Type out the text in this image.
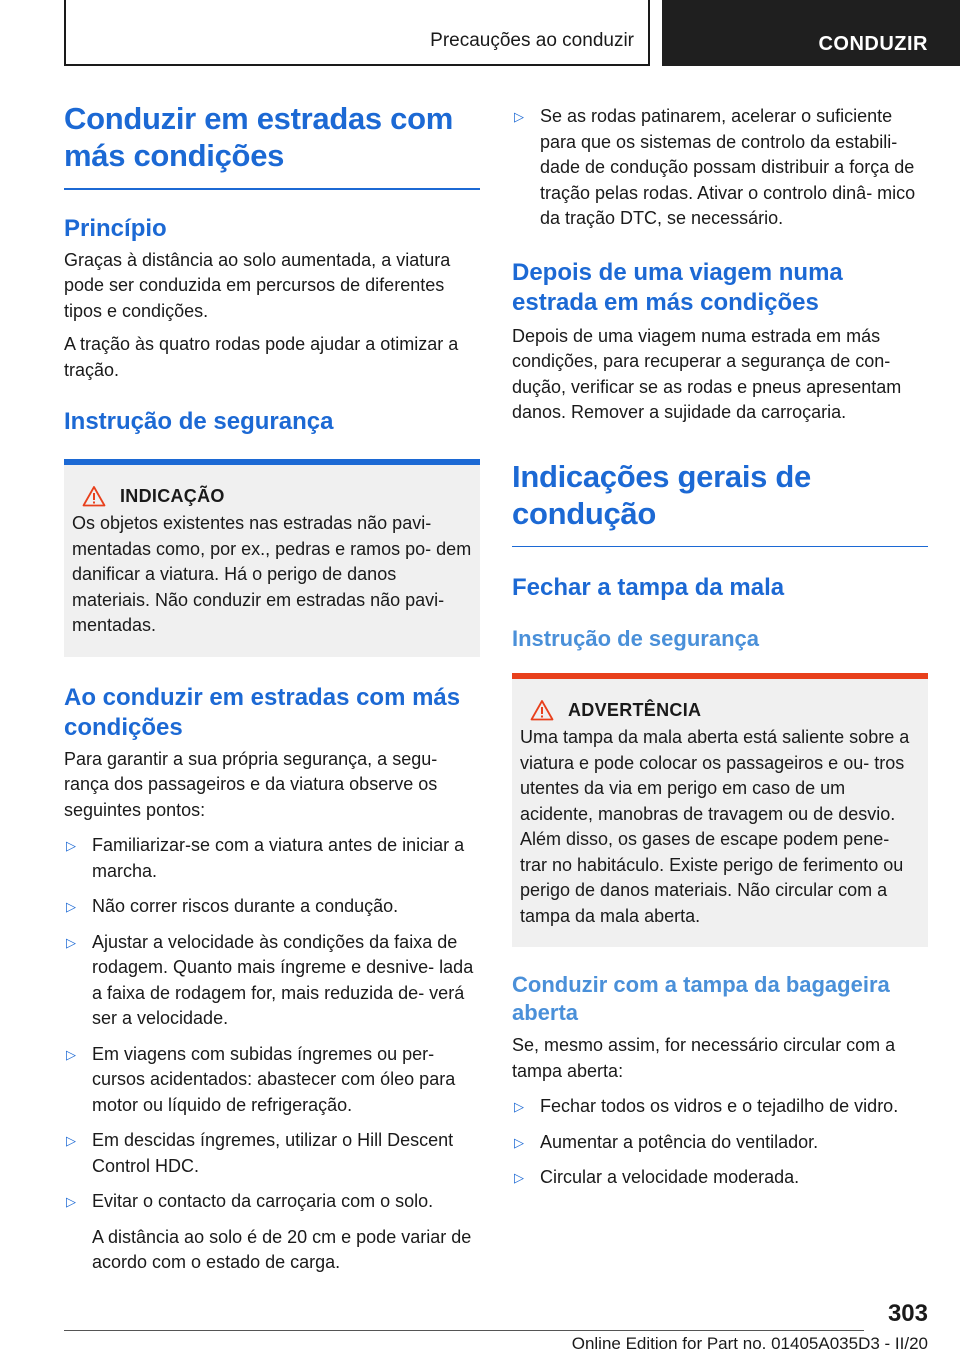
Precauções ao conduzir	CONDUZIR
Conduzir em estradas com más condições
Princípio
Graças à distância ao solo aumentada, a viatura pode ser conduzida em percursos de diferentes tipos e condições.
A tração às quatro rodas pode ajudar a otimizar a tração.
Instrução de segurança
INDICAÇÃO
Os objetos existentes nas estradas não pavi- mentadas como, por ex., pedras e ramos po- dem danificar a viatura. Há o perigo de danos materiais. Não conduzir em estradas não pavi- mentadas.
Ao conduzir em estradas com más condições
Para garantir a sua própria segurança, a segu- rança dos passageiros e da viatura observe os seguintes pontos:
▷ Familiarizar-se com a viatura antes de iniciar a marcha.
▷ Não correr riscos durante a condução.
▷ Ajustar a velocidade às condições da faixa de rodagem. Quanto mais íngreme e desnive- lada a faixa de rodagem for, mais reduzida de- verá ser a velocidade.
▷ Em viagens com subidas íngremes ou per- cursos acidentados: abastecer com óleo para motor ou líquido de refrigeração.
▷ Em descidas íngremes, utilizar o Hill Descent Control HDC.
▷ Evitar o contacto da carroçaria com o solo.
A distância ao solo é de 20 cm e pode variar de acordo com o estado de carga.
▷ Se as rodas patinarem, acelerar o suficiente para que os sistemas de controlo da estabili- dade de condução possam distribuir a força de tração pelas rodas. Ativar o controlo dinâ- mico da tração DTC, se necessário.
Depois de uma viagem numa estrada em más condições
Depois de uma viagem numa estrada em más condições, para recuperar a segurança de con- dução, verificar se as rodas e pneus apresentam danos. Remover a sujidade da carroçaria.
Indicações gerais de condução
Fechar a tampa da mala
Instrução de segurança
ADVERTÊNCIA
Uma tampa da mala aberta está saliente sobre a viatura e pode colocar os passageiros e ou- tros utentes da via em perigo em caso de um acidente, manobras de travagem ou de desvio. Além disso, os gases de escape podem pene- trar no habitáculo. Existe perigo de ferimento ou perigo de danos materiais. Não circular com a tampa da mala aberta.
Conduzir com a tampa da bagageira aberta
Se, mesmo assim, for necessário circular com a tampa aberta:
▷ Fechar todos os vidros e o tejadilho de vidro.
▷ Aumentar a potência do ventilador.
▷ Circular a velocidade moderada.
303
Online Edition for Part no. 01405A035D3 - II/20
